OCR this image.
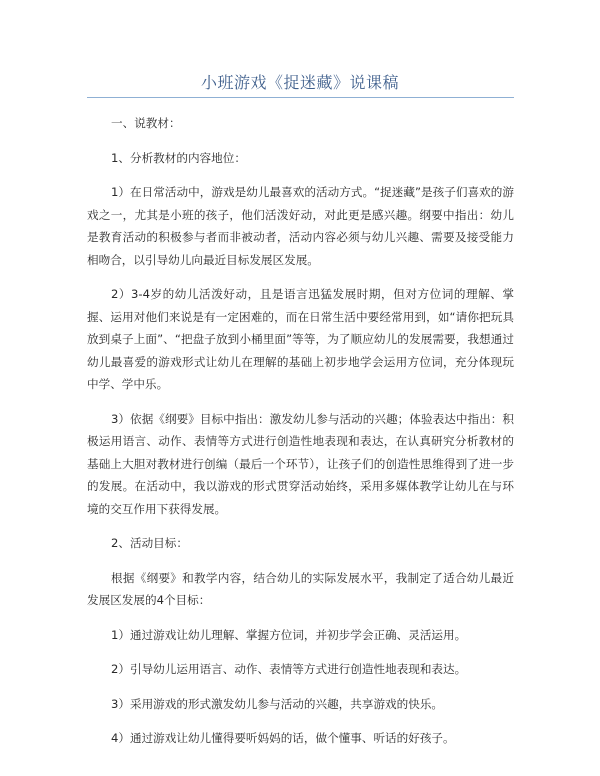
小班游戏《捉迷藏》说课稿

一、说教材：

1、分析教材的内容地位：

1）在日常活动中，游戏是幼儿最喜欢的活动方式。“捉迷藏”是孩子们喜欢的游戏之一，尤其是小班的孩子，他们活泼好动，对此更是感兴趣。纲要中指出：幼儿是教育活动的积极参与者而非被动者，活动内容必须与幼儿兴趣、需要及接受能力相吻合，以引导幼儿向最近目标发展区发展。

2）3-4岁的幼儿活泼好动，且是语言迅猛发展时期，但对方位词的理解、掌握、运用对他们来说是有一定困难的，而在日常生活中要经常用到，如“请你把玩具放到桌子上面”、“把盘子放到小桶里面”等等，为了顺应幼儿的发展需要，我想通过幼儿最喜爱的游戏形式让幼儿在理解的基础上初步地学会运用方位词，充分体现玩中学、学中乐。

3）依据《纲要》目标中指出：激发幼儿参与活动的兴趣；体验表达中指出：积极运用语言、动作、表情等方式进行创造性地表现和表达，在认真研究分析教材的基础上大胆对教材进行创编（最后一个环节），让孩子们的创造性思维得到了进一步的发展。在活动中，我以游戏的形式贯穿活动始终，采用多媒体教学让幼儿在与环境的交互作用下获得发展。

2、活动目标：

根据《纲要》和教学内容，结合幼儿的实际发展水平，我制定了适合幼儿最近发展区发展的4个目标：

1）通过游戏让幼儿理解、掌握方位词，并初步学会正确、灵活运用。

2）引导幼儿运用语言、动作、表情等方式进行创造性地表现和表达。

3）采用游戏的形式激发幼儿参与活动的兴趣，共享游戏的快乐。

4）通过游戏让幼儿懂得要听妈妈的话，做个懂事、听话的好孩子。
